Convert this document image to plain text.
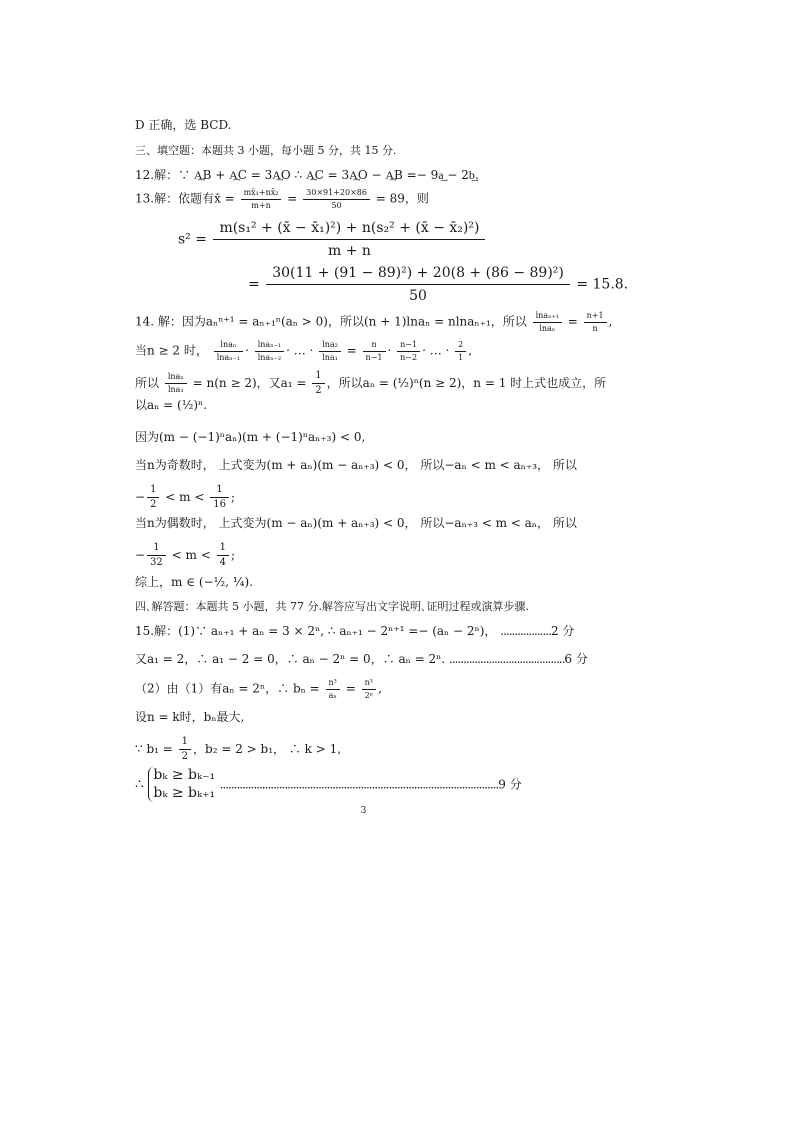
D 正确，选 BCD.
三、填空题：本题共 3 小题，每小题 5 分，共 15 分.
12.解：∵ A͢B + A͢C = 3A͢O ∴ A͢C = 3A͢O − A͢B =− 9a͢ − 2b͢.
13.解：依题有x̄ = $\frac{\text{mx̄₁+nx̄₂}}{m+n} = \frac{30\times 91+20\times 86}{50} = 89$，则
$s^2 = \frac{\text{m(s₁² + (x̄ − x̄₁)²) + n(s₂² + (x̄ − x̄₂)²)}}{m + n}$
= $\frac{\text{30(11 + (91 − 89)²) + 20(8 + (86 − 89)²)}}{50} = 15.8$.
14. 解：因为aₙⁿ⁺¹ = aₙ₊₁ⁿ(aₙ > 0)，所以(n + 1)lnaₙ = nlnaₙ₊₁，所以 $\frac{\text{lnaₙ₊₁}}{\text{lnaₙ}} = \frac{n+1}{n}$ ,
当n ≥ 2 时， $\frac{\text{lnaₙ}}{\text{lnaₙ₋₁}} \cdot \frac{\text{lnaₙ₋₁}}{\text{lnaₙ₋₂}}$ · … · $\frac{\text{lna₂}}{\text{lna₁}} = \frac{n}{n-1} \cdot \frac{n-1}{n-2}$ · … · $\frac{2}{1}$ ,
所以 $\frac{\text{lnaₙ}}{\text{lna₁}} = n(n \ge 2)$，又$a_1 = \frac{1}{2}$ ，所以aₙ = (½)ⁿ(n ≥ 2)，n = 1 时上式也成立，所
以aₙ = (½)ⁿ.
因为(m − (−1)ⁿaₙ)(m + (−1)ⁿaₙ₊₃) < 0,
当n为奇数时， 上式变为(m + aₙ)(m − aₙ₊₃) < 0， 所以−aₙ < m < aₙ₊₃， 所以
− $\frac{1}{2} < m < \frac{1}{16}$ ;
当n为偶数时， 上式变为(m − aₙ)(m + aₙ₊₃) < 0， 所以−aₙ₊₃ < m < aₙ， 所以
− $\frac{1}{32} < m < \frac{1}{4}$ ;
综上，m ∈ (−½, ¼).
四､解答题：本题共 5 小题，共 77 分.解答应写出文字说明､证明过程或演算步骤.
15.解：(1)∵ aₙ₊₁ + aₙ = 3 × 2ⁿ, ∴ aₙ₊₁ − 2ⁿ⁺¹ =− (aₙ − 2ⁿ)， ..................2 分
又a₁ = 2，∴ a₁ − 2 = 0，∴ aₙ − 2ⁿ = 0，∴ aₙ = 2ⁿ. .........................................6 分
（2）由（1）有aₙ = 2ⁿ，∴ $b_n = \frac{\text{n³}}{\text{aₙ}} = \frac{\text{n³}}{\text{2ⁿ}}$ ,
设n = k时，bₙ最大,
∵ $b_1 = \frac{1}{2}$ ，b₂ = 2 > b₁， ∴ k > 1,
∴
bₖ ≥ bₖ₋₁
bₖ ≥ bₖ₊₁ ...................................................................................................9 分
3
